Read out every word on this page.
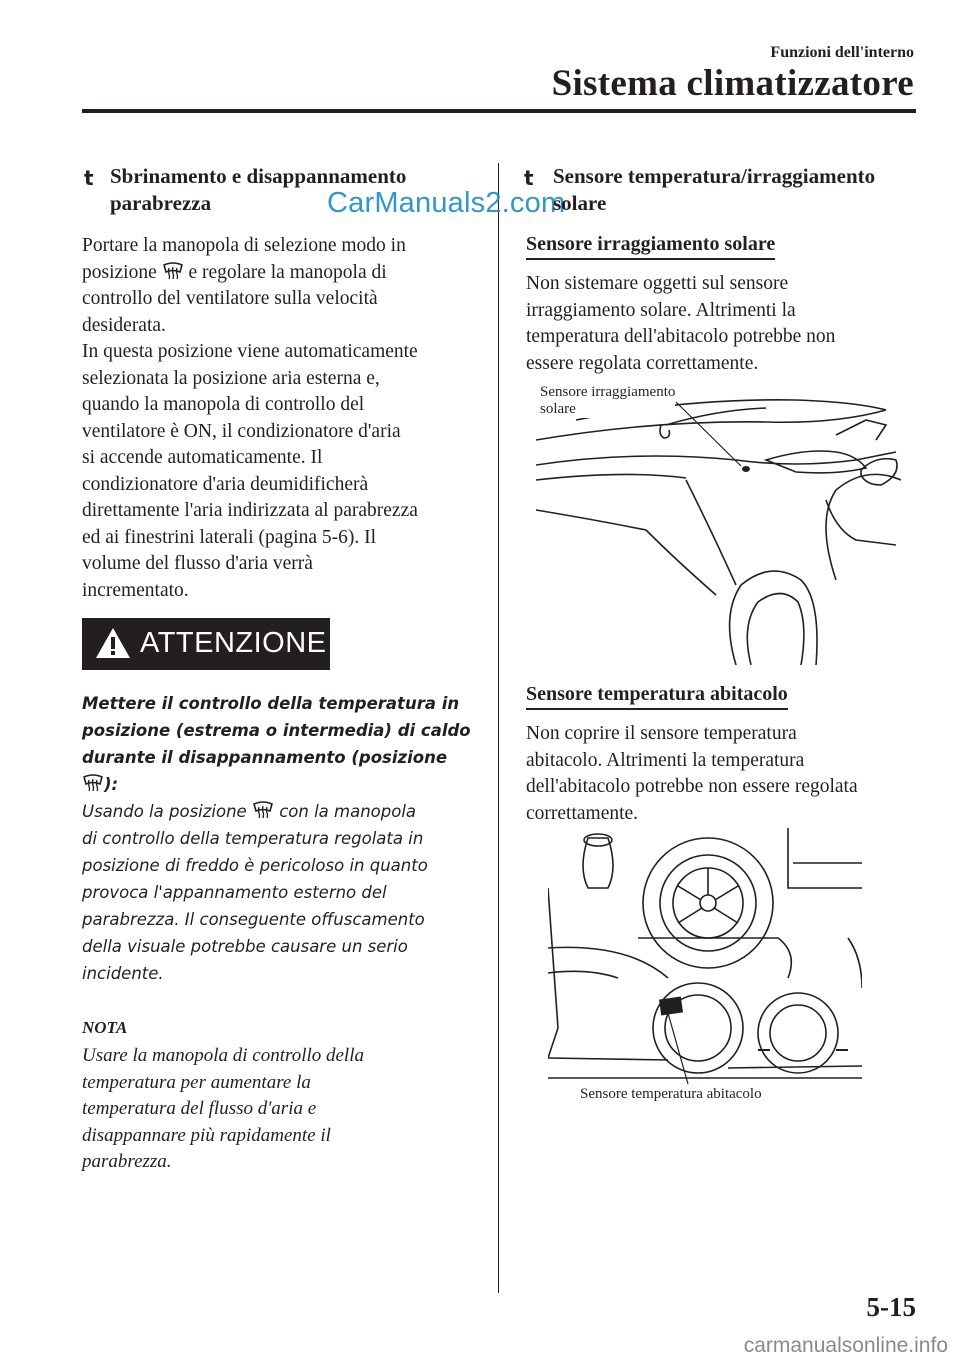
Funzioni dell'interno
Sistema climatizzatore
t Sbrinamento e disappannamento
parabrezza
Portare la manopola di selezione modo in
posizione e regolare la manopola di
controllo del ventilatore sulla velocità
desiderata.
In questa posizione viene automaticamente
selezionata la posizione aria esterna e,
quando la manopola di controllo del
ventilatore è ON, il condizionatore d'aria
si accende automaticamente. Il
condizionatore d'aria deumidificherà
direttamente l'aria indirizzata al parabrezza
ed ai finestrini laterali (pagina 5-6). Il
volume del flusso d'aria verrà
incrementato.
ATTENZIONE
Mettere il controllo della temperatura in
posizione (estrema o intermedia) di caldo
durante il disappannamento (posizione
):
Usando la posizione con la manopola
di controllo della temperatura regolata in
posizione di freddo è pericoloso in quanto
provoca l'appannamento esterno del
parabrezza. Il conseguente offuscamento
della visuale potrebbe causare un serio
incidente.
NOTA
Usare la manopola di controllo della
temperatura per aumentare la
temperatura del flusso d'aria e
disappannare più rapidamente il
parabrezza.
CarManuals2.com
t Sensore temperatura/irraggiamento
solare
Sensore irraggiamento solare
Non sistemare oggetti sul sensore
irraggiamento solare. Altrimenti la
temperatura dell'abitacolo potrebbe non
essere regolata correttamente.
Sensore irraggiamento
solare
Sensore temperatura abitacolo
Non coprire il sensore temperatura
abitacolo. Altrimenti la temperatura
dell'abitacolo potrebbe non essere regolata
correttamente.
Sensore temperatura abitacolo
5-15
carmanualsonline.info
